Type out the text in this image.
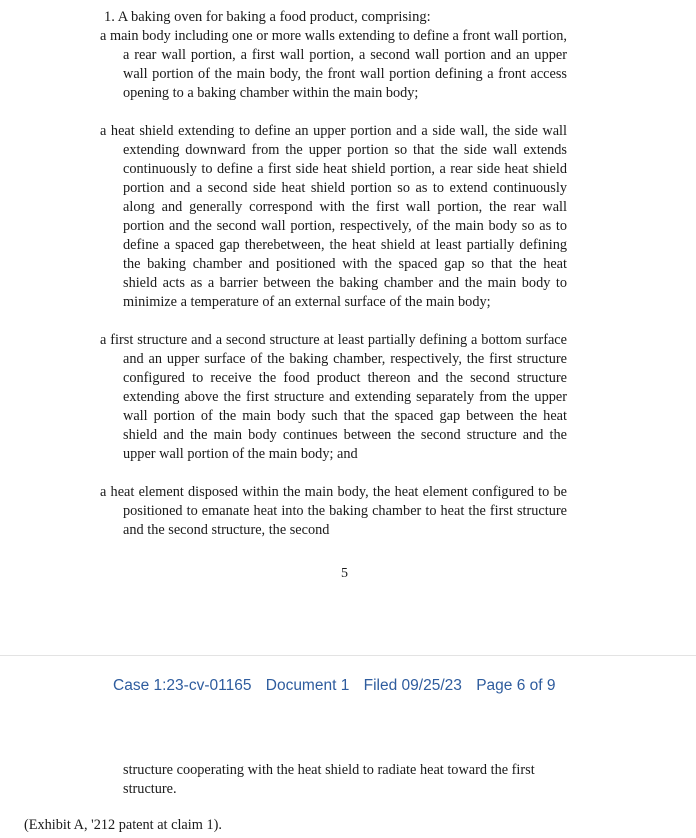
1. A baking oven for baking a food product, comprising:
a main body including one or more walls extending to define a front wall portion, a rear wall portion, a first wall portion, a second wall portion and an upper wall portion of the main body, the front wall portion defining a front access opening to a baking chamber within the main body;
a heat shield extending to define an upper portion and a side wall, the side wall extending downward from the upper portion so that the side wall extends continuously to define a first side heat shield portion, a rear side heat shield portion and a second side heat shield portion so as to extend continuously along and generally correspond with the first wall portion, the rear wall portion and the second wall portion, respectively, of the main body so as to define a spaced gap therebetween, the heat shield at least partially defining the baking chamber and positioned with the spaced gap so that the heat shield acts as a barrier between the baking chamber and the main body to minimize a temperature of an external surface of the main body;
a first structure and a second structure at least partially defining a bottom surface and an upper surface of the baking chamber, respectively, the first structure configured to receive the food product thereon and the second structure extending above the first structure and extending separately from the upper wall portion of the main body such that the spaced gap between the heat shield and the main body continues between the second structure and the upper wall portion of the main body; and
a heat element disposed within the main body, the heat element configured to be positioned to emanate heat into the baking chamber to heat the first structure and the second structure, the second
5
Case 1:23-cv-01165 Document 1 Filed 09/25/23 Page 6 of 9
structure cooperating with the heat shield to radiate heat toward the first structure.
(Exhibit A, '212 patent at claim 1).
